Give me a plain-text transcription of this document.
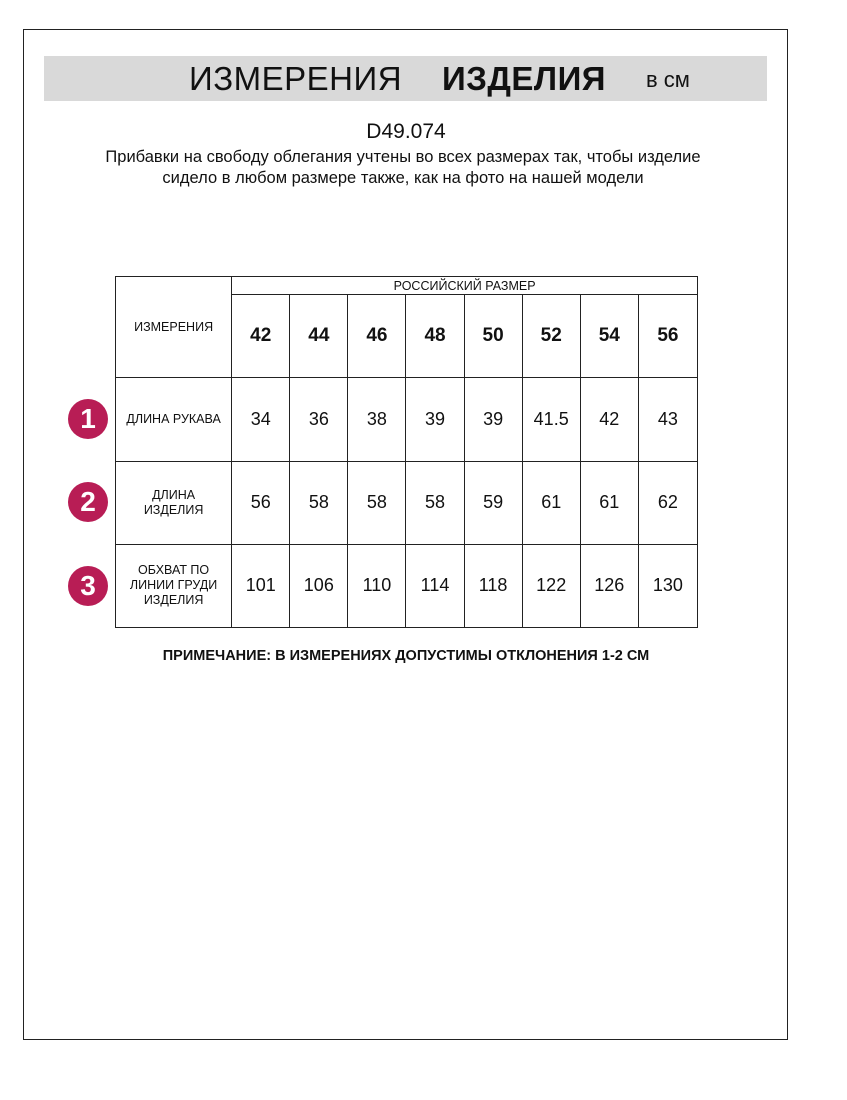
ИЗМЕРЕНИЯ ИЗДЕЛИЯ в см
D49.074
Прибавки на свободу облегания учтены во всех размерах так, чтобы изделие сидело в любом размере также, как на фото на нашей модели
ИЗМЕРЕНИЯ	РОССИЙСКИЙ РАЗМЕР							
	42	44	46	48	50	52	54	56
ДЛИНА РУКАВА	34	36	38	39	39	41.5	42	43
ДЛИНА ИЗДЕЛИЯ	56	58	58	58	59	61	61	62
ОБХВАТ ПО ЛИНИИ ГРУДИ ИЗДЕЛИЯ	101	106	110	114	118	122	126	130
1
2
3
ПРИМЕЧАНИЕ: В ИЗМЕРЕНИЯХ ДОПУСТИМЫ ОТКЛОНЕНИЯ 1-2 СМ
